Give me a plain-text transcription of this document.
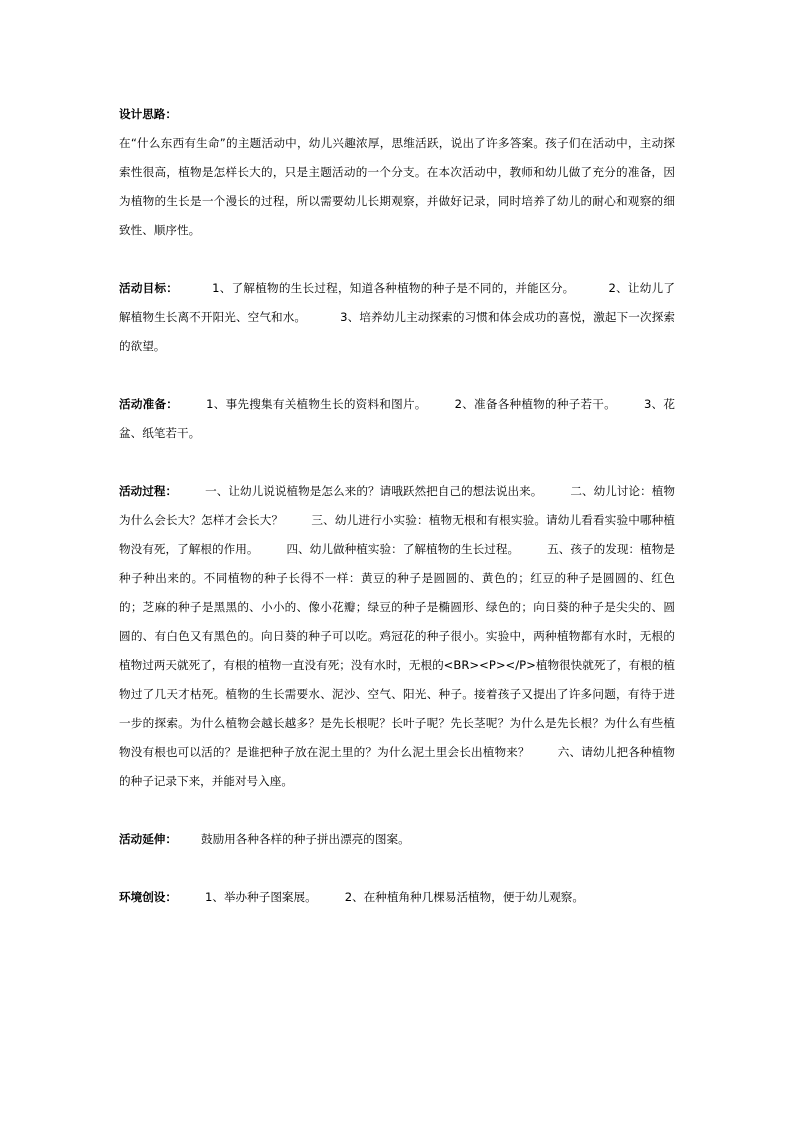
设计思路：
在“什么东西有生命”的主题活动中，幼儿兴趣浓厚，思维活跃，说出了许多答案。孩子们在活动中，主动探索性很高，植物是怎样长大的，只是主题活动的一个分支。在本次活动中，教师和幼儿做了充分的准备，因为植物的生长是一个漫长的过程，所以需要幼儿长期观察，并做好记录，同时培养了幼儿的耐心和观察的细致性、顺序性。
活动目标：	1、了解植物的生长过程，知道各种植物的种子是不同的，并能区分。	2、让幼儿了解植物生长离不开阳光、空气和水。	3、培养幼儿主动探索的习惯和体会成功的喜悦，激起下一次探索的欲望。
活动准备： 1、事先搜集有关植物生长的资料和图片。 2、准备各种植物的种子若干。 3、花盆、纸笔若干。
活动过程： 一、让幼儿说说植物是怎么来的？请哦跃然把自己的想法说出来。 二、幼儿讨论：植物为什么会长大？怎样才会长大？ 三、幼儿进行小实验：植物无根和有根实验。请幼儿看看实验中哪种植物没有死，了解根的作用。 四、幼儿做种植实验：了解植物的生长过程。 五、孩子的发现：植物是种子种出来的。不同植物的种子长得不一样：黄豆的种子是圆圆的、黄色的；红豆的种子是圆圆的、红色的；芝麻的种子是黑黑的、小小的、像小花瓣；绿豆的种子是椭圆形、绿色的；向日葵的种子是尖尖的、圆圆的、有白色又有黑色的。向日葵的种子可以吃。鸡冠花的种子很小。实验中，两种植物都有水时，无根的植物过两天就死了，有根的植物一直没有死；没有水时，无根的<BR><P></P>植物很快就死了，有根的植物过了几天才枯死。植物的生长需要水、泥沙、空气、阳光、种子。接着孩子又提出了许多问题，有待于进一步的探索。为什么植物会越长越多？是先长根呢？长叶子呢？先长茎呢？为什么是先长根？为什么有些植物没有根也可以活的？是谁把种子放在泥土里的？为什么泥土里会长出植物来？ 六、请幼儿把各种植物的种子记录下来，并能对号入座。
活动延伸： 鼓励用各种各样的种子拼出漂亮的图案。
环境创设： 1、举办种子图案展。 2、在种植角种几棵易活植物，便于幼儿观察。
